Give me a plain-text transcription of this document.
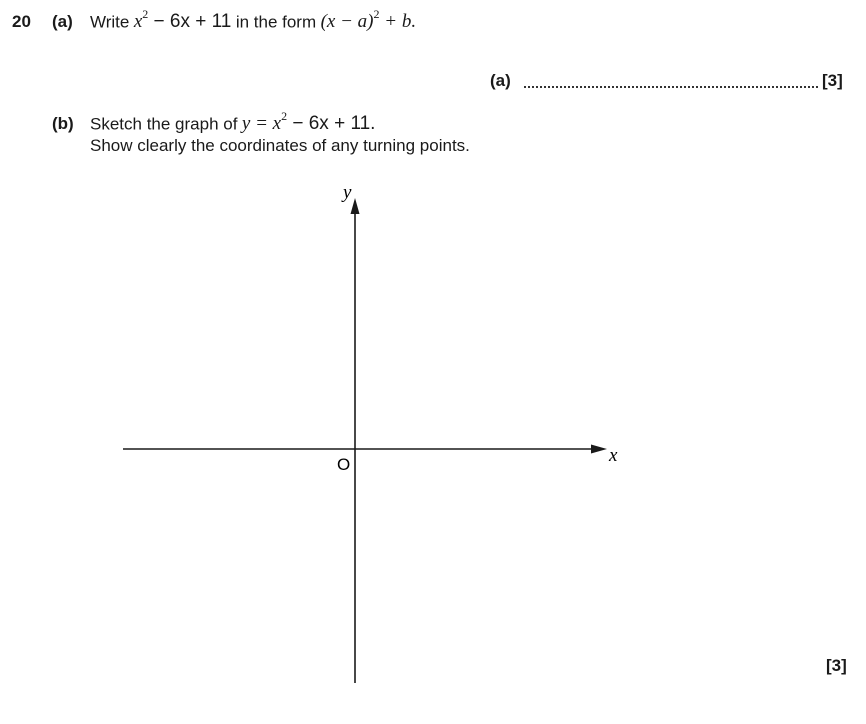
20 (a) Write $x^2 - 6x + 11$ in the form $(x - a)^2 + b$.
(a)	[3]
(b) Sketch the graph of $y = x^2 - 6x + 11$.
Show clearly the coordinates of any turning points.
y
x
O
[3]
